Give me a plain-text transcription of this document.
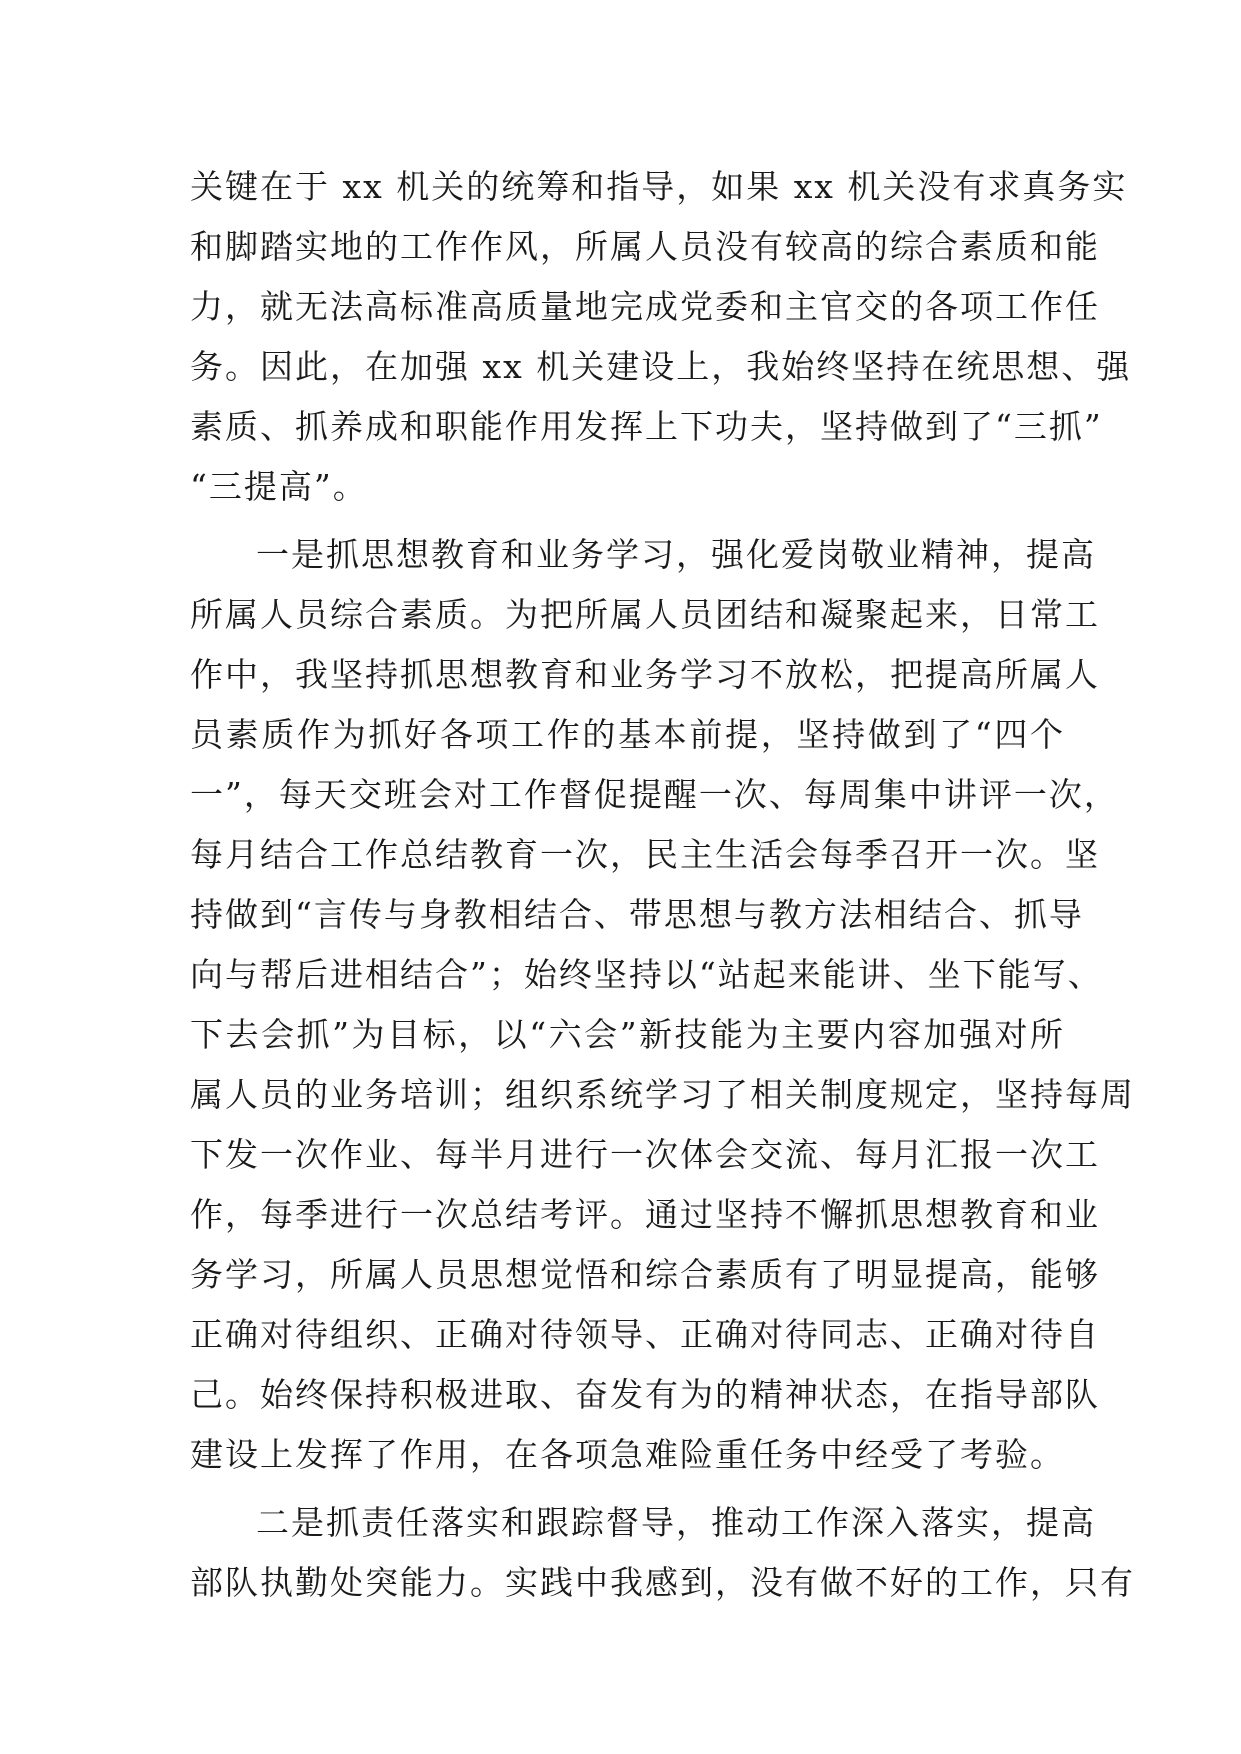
关键在于 xx 机关的统筹和指导，如果 xx 机关没有求真务实
和脚踏实地的工作作风，所属人员没有较高的综合素质和能
力，就无法高标准高质量地完成党委和主官交的各项工作任
务。因此，在加强 xx 机关建设上，我始终坚持在统思想、强
素质、抓养成和职能作用发挥上下功夫，坚持做到了“三抓”
“三提高”。
一是抓思想教育和业务学习，强化爱岗敬业精神，提高
所属人员综合素质。为把所属人员团结和凝聚起来，日常工
作中，我坚持抓思想教育和业务学习不放松，把提高所属人
员素质作为抓好各项工作的基本前提，坚持做到了“四个
一”，每天交班会对工作督促提醒一次、每周集中讲评一次，
每月结合工作总结教育一次，民主生活会每季召开一次。坚
持做到“言传与身教相结合、带思想与教方法相结合、抓导
向与帮后进相结合”；始终坚持以“站起来能讲、坐下能写、
下去会抓”为目标，以“六会”新技能为主要内容加强对所
属人员的业务培训；组织系统学习了相关制度规定，坚持每周
下发一次作业、每半月进行一次体会交流、每月汇报一次工
作，每季进行一次总结考评。通过坚持不懈抓思想教育和业
务学习，所属人员思想觉悟和综合素质有了明显提高，能够
正确对待组织、正确对待领导、正确对待同志、正确对待自
己。始终保持积极进取、奋发有为的精神状态，在指导部队
建设上发挥了作用，在各项急难险重任务中经受了考验。
二是抓责任落实和跟踪督导，推动工作深入落实，提高
部队执勤处突能力。实践中我感到，没有做不好的工作，只有
